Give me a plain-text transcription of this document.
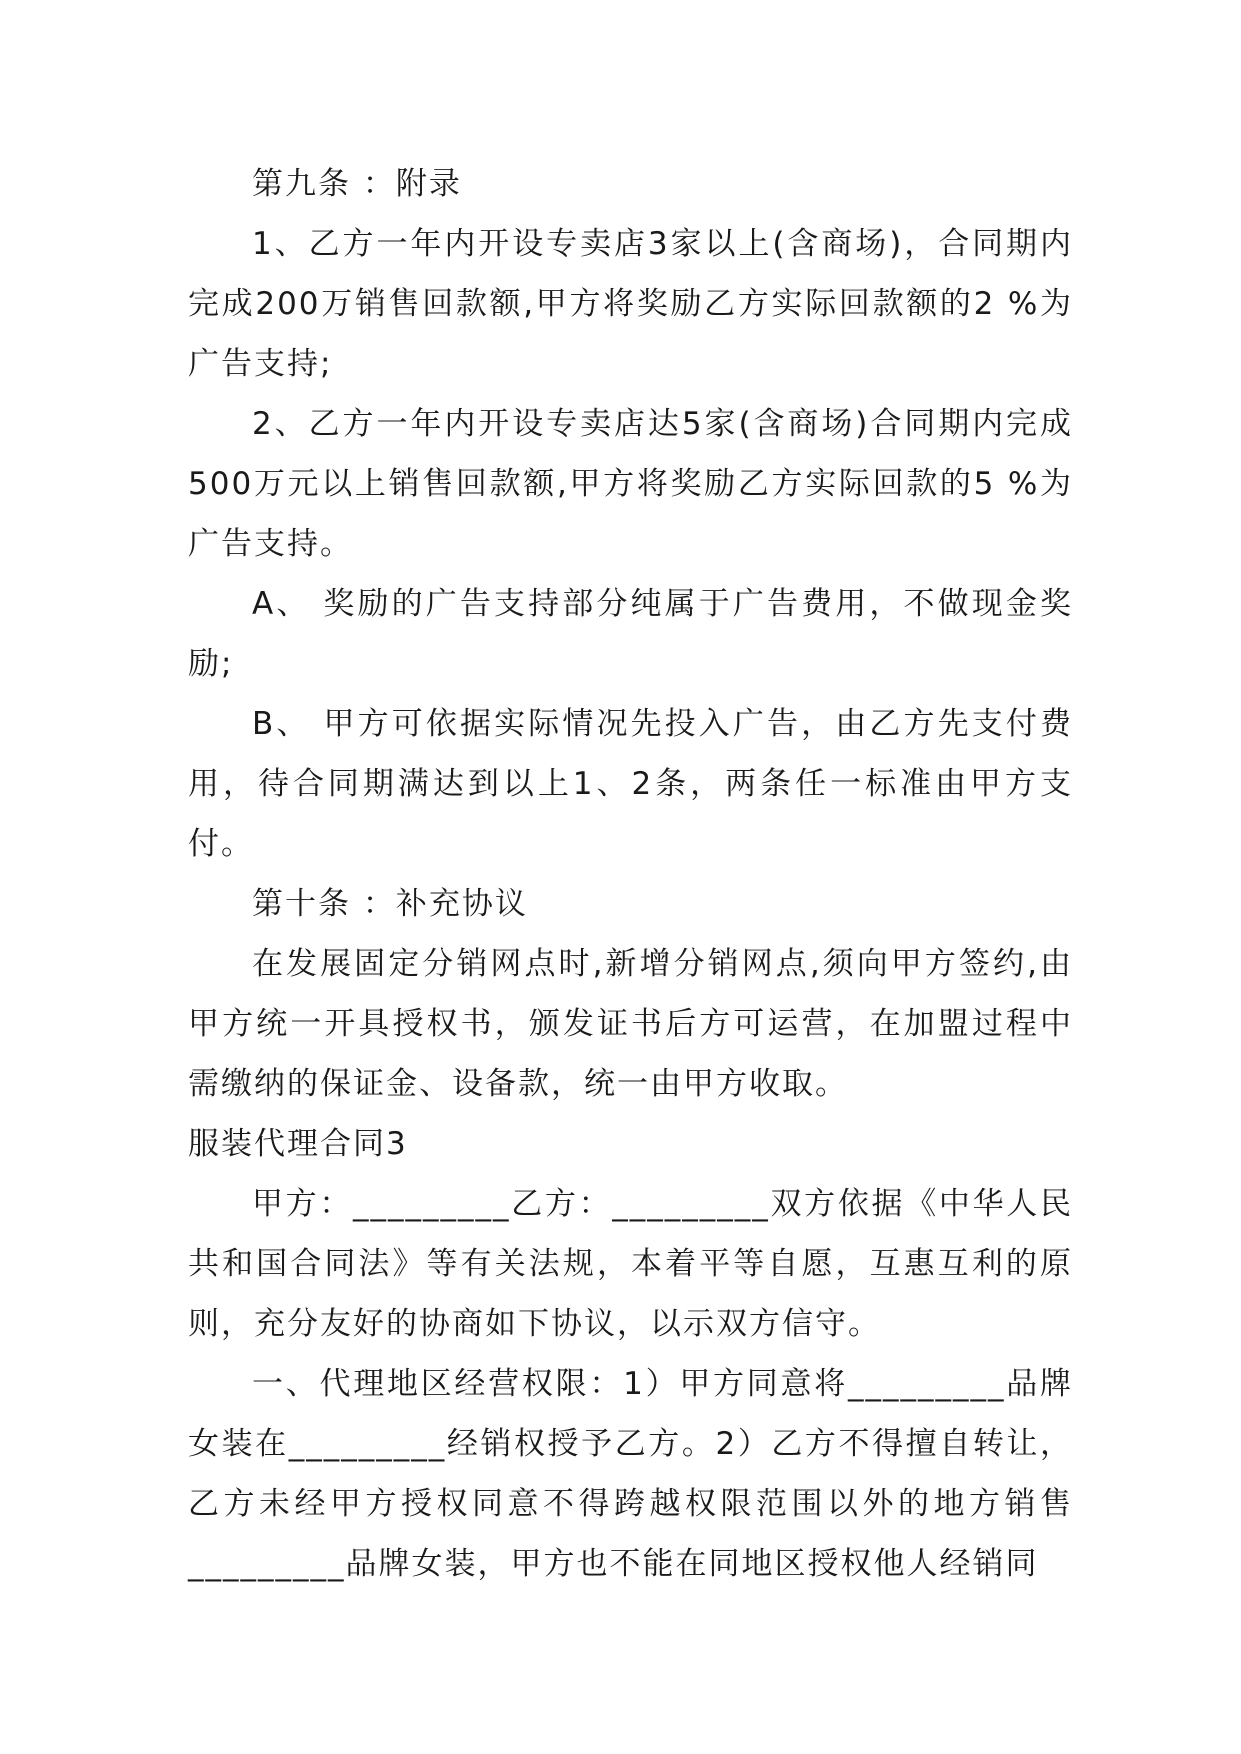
第九条 ：附录

1、乙方一年内开设专卖店3家以上(含商场)，合同期内完成200万销售回款额,甲方将奖励乙方实际回款额的2 %为广告支持;

2、乙方一年内开设专卖店达5家(含商场)合同期内完成500万元以上销售回款额,甲方将奖励乙方实际回款的5 %为广告支持。

A、 奖励的广告支持部分纯属于广告费用，不做现金奖励;

B、 甲方可依据实际情况先投入广告，由乙方先支付费用，待合同期满达到以上1、2条，两条任一标准由甲方支付。

第十条 ：补充协议

在发展固定分销网点时,新增分销网点,须向甲方签约,由甲方统一开具授权书，颁发证书后方可运营，在加盟过程中需缴纳的保证金、设备款，统一由甲方收取。

服装代理合同3

甲方：_________乙方：_________双方依据《中华人民共和国合同法》等有关法规，本着平等自愿，互惠互利的原则，充分友好的协商如下协议，以示双方信守。

一、代理地区经营权限：1）甲方同意将_________品牌女装在_________经销权授予乙方。2）乙方不得擅自转让，乙方未经甲方授权同意不得跨越权限范围以外的地方销售_________品牌女装，甲方也不能在同地区授权他人经销同
